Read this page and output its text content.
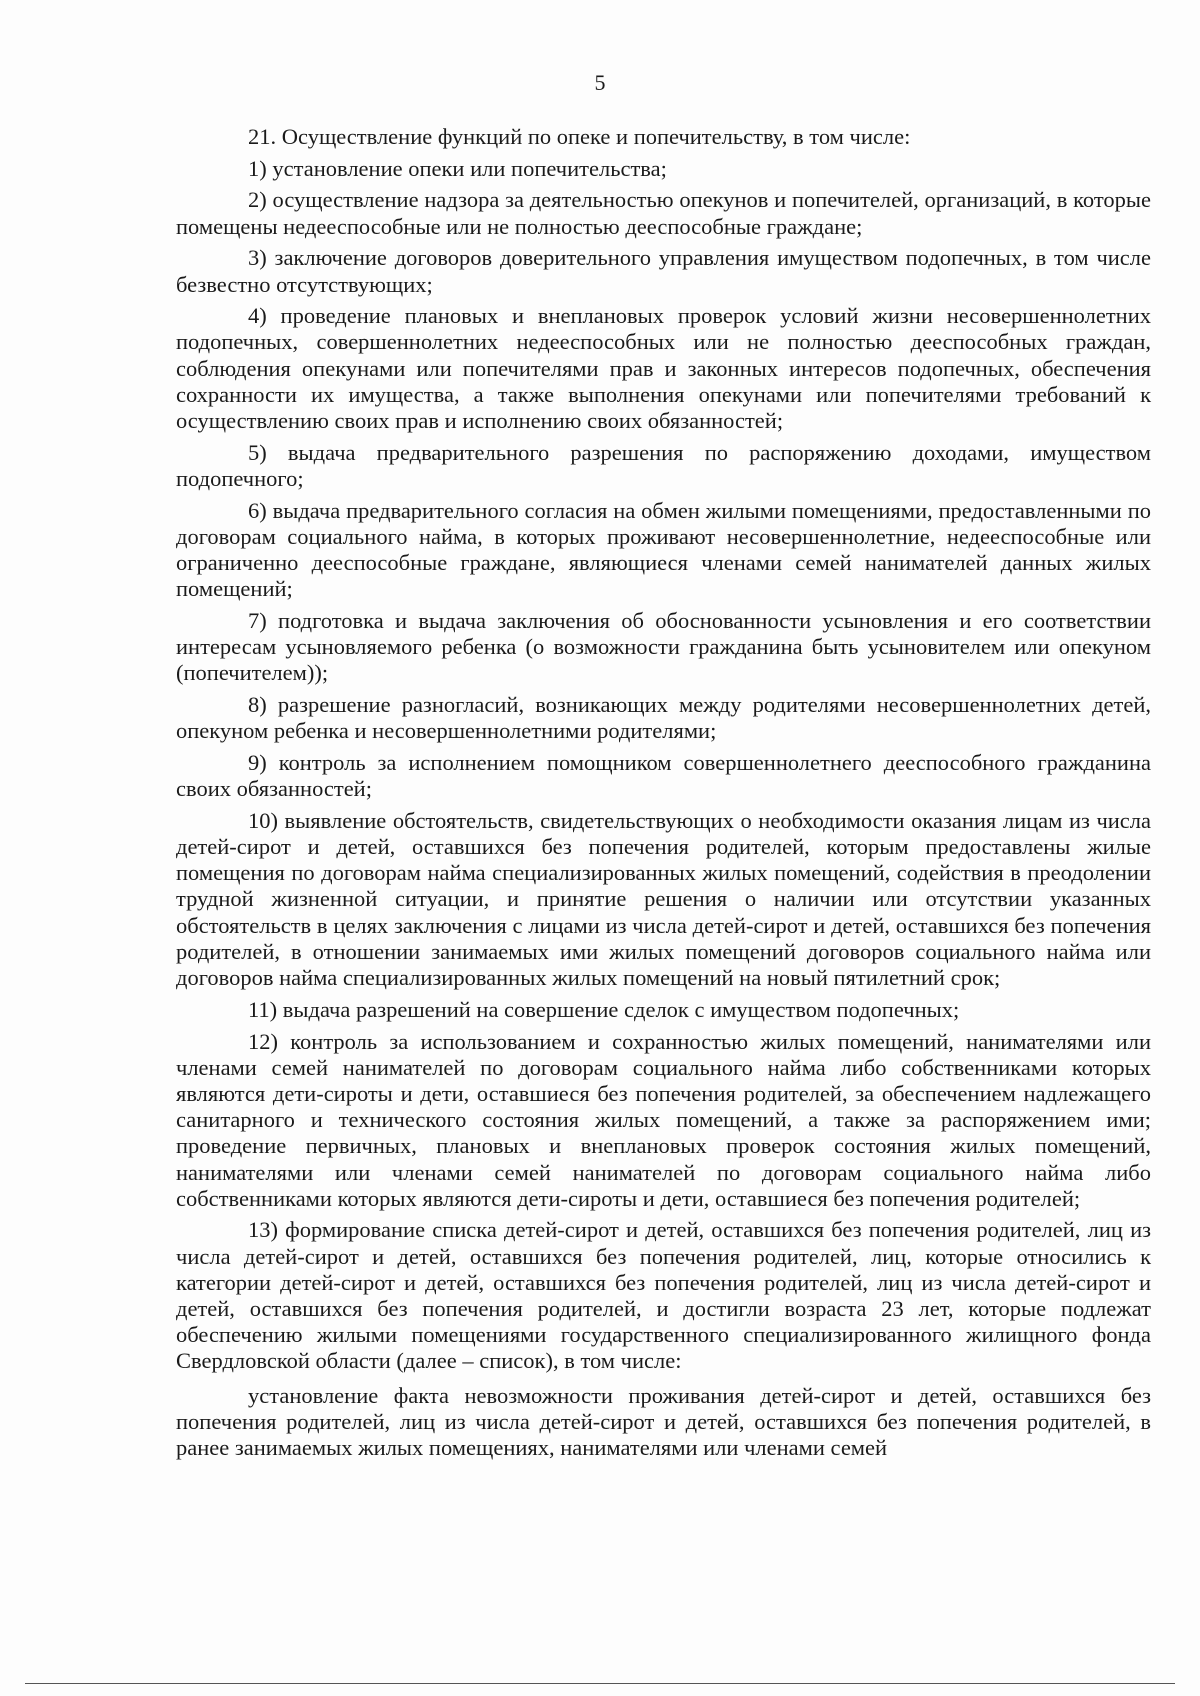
5

21. Осуществление функций по опеке и попечительству, в том числе:

1) установление опеки или попечительства;

2) осуществление надзора за деятельностью опекунов и попечителей, организаций, в которые помещены недееспособные или не полностью дееспособные граждане;

3) заключение договоров доверительного управления имуществом подопечных, в том числе безвестно отсутствующих;

4) проведение плановых и внеплановых проверок условий жизни несовершеннолетних подопечных, совершеннолетних недееспособных или не полностью дееспособных граждан, соблюдения опекунами или попечителями прав и законных интересов подопечных, обеспечения сохранности их имущества, а также выполнения опекунами или попечителями требований к осуществлению своих прав и исполнению своих обязанностей;

5) выдача предварительного разрешения по распоряжению доходами, имуществом подопечного;

6) выдача предварительного согласия на обмен жилыми помещениями, предоставленными по договорам социального найма, в которых проживают несовершеннолетние, недееспособные или ограниченно дееспособные граждане, являющиеся членами семей нанимателей данных жилых помещений;

7) подготовка и выдача заключения об обоснованности усыновления и его соответствии интересам усыновляемого ребенка (о возможности гражданина быть усыновителем или опекуном (попечителем));

8) разрешение разногласий, возникающих между родителями несовершеннолетних детей, опекуном ребенка и несовершеннолетними родителями;

9) контроль за исполнением помощником совершеннолетнего дееспособного гражданина своих обязанностей;

10) выявление обстоятельств, свидетельствующих о необходимости оказания лицам из числа детей-сирот и детей, оставшихся без попечения родителей, которым предоставлены жилые помещения по договорам найма специализированных жилых помещений, содействия в преодолении трудной жизненной ситуации, и принятие решения о наличии или отсутствии указанных обстоятельств в целях заключения с лицами из числа детей-сирот и детей, оставшихся без попечения родителей, в отношении занимаемых ими жилых помещений договоров социального найма или договоров найма специализированных жилых помещений на новый пятилетний срок;

11) выдача разрешений на совершение сделок с имуществом подопечных;

12) контроль за использованием и сохранностью жилых помещений, нанимателями или членами семей нанимателей по договорам социального найма либо собственниками которых являются дети-сироты и дети, оставшиеся без попечения родителей, за обеспечением надлежащего санитарного и технического состояния жилых помещений, а также за распоряжением ими; проведение первичных, плановых и внеплановых проверок состояния жилых помещений, нанимателями или членами семей нанимателей по договорам социального найма либо собственниками которых являются дети-сироты и дети, оставшиеся без попечения родителей;

13) формирование списка детей-сирот и детей, оставшихся без попечения родителей, лиц из числа детей-сирот и детей, оставшихся без попечения родителей, лиц, которые относились к категории детей-сирот и детей, оставшихся без попечения родителей, лиц из числа детей-сирот и детей, оставшихся без попечения родителей, и достигли возраста 23 лет, которые подлежат обеспечению жилыми помещениями государственного специализированного жилищного фонда Свердловской области (далее – список), в том числе:

установление факта невозможности проживания детей-сирот и детей, оставшихся без попечения родителей, лиц из числа детей-сирот и детей, оставшихся без попечения родителей, в ранее занимаемых жилых помещениях, нанимателями или членами семей
